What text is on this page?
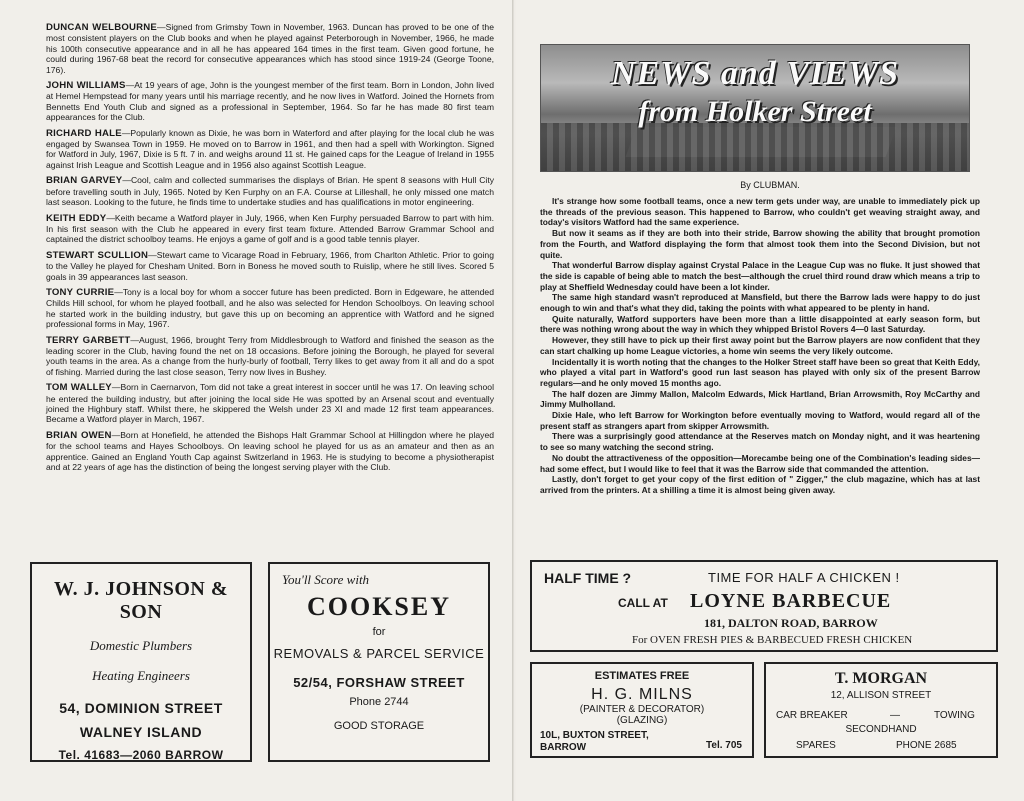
DUNCAN WELBOURNE—Signed from Grimsby Town in November, 1963. Duncan has proved to be one of the most consistent players on the Club books and when he played against Peterborough in November, 1966, he made his 100th consecutive appearance and in all he has appeared 164 times in the first team. Given good fortune, he could during 1967-68 beat the record for consecutive appearances which has stood since 1919-24 (George Toone, 176).

JOHN WILLIAMS—At 19 years of age, John is the youngest member of the first team. Born in London, John lived at Hemel Hempstead for many years until his marriage recently, and he now lives in Watford. Joined the Hornets from Bennetts End Youth Club and signed as a professional in September, 1964. So far he has made 80 first team appearances for the Club.

RICHARD HALE—Popularly known as Dixie, he was born in Waterford and after playing for the local club he was engaged by Swansea Town in 1959. He moved on to Barrow in 1961, and then had a spell with Workington. Signed for Watford in July, 1967, Dixie is 5 ft. 7 in. and weighs around 11 st. He gained caps for the League of Ireland in 1955 against Irish League and Scottish League and in 1956 also against Scottish League.

BRIAN GARVEY—Cool, calm and collected summarises the displays of Brian. He spent 8 seasons with Hull City before travelling south in July, 1965. Noted by Ken Furphy on an F.A. Course at Lilleshall, he only missed one match last season. Looking to the future, he finds time to undertake studies and has qualifications in motor engineering.

KEITH EDDY—Keith became a Watford player in July, 1966, when Ken Furphy persuaded Barrow to part with him. In his first season with the Club he appeared in every first team fixture. Attended Barrow Grammar School and captained the district schoolboy teams. He enjoys a game of golf and is a good table tennis player.

STEWART SCULLION—Stewart came to Vicarage Road in February, 1966, from Charlton Athletic. Prior to going to the Valley he played for Chesham United. Born in Boness he moved south to Ruislip, where he still lives. Scored 5 goals in 39 appearances last season.

TONY CURRIE—Tony is a local boy for whom a soccer future has been predicted. Born in Edgeware, he attended Childs Hill school, for whom he played football, and he also was selected for Hendon Schoolboys. On leaving school he started work in the building industry, but gave this up on becoming an apprentice with Watford and he signed professional forms in May, 1967.

TERRY GARBETT—August, 1966, brought Terry from Middlesbrough to Watford and finished the season as the leading scorer in the Club, having found the net on 18 occasions. Before joining the Borough, he played for several youth teams in the area. As a change from the hurly-burly of football, Terry likes to get away from it all and do a spot of fishing. Married during the last close season, Terry now lives in Bushey.

TOM WALLEY—Born in Caernarvon, Tom did not take a great interest in soccer until he was 17. On leaving school he entered the building industry, but after joining the local side He was spotted by an Arsenal scout and eventually joined the Highbury staff. Whilst there, he skippered the Welsh under 23 XI and made 12 first team appearances. Became a Watford player in March, 1967.

BRIAN OWEN—Born at Honefield, he attended the Bishops Halt Grammar School at Hillingdon where he played for the school teams and Hayes Schoolboys. On leaving school he played for us as an amateur and then as an apprentice. Gained an England Youth Cap against Switzerland in 1963. He is studying to become a physiotherapist and at 22 years of age has the distinction of being the longest serving player with the Club.

W. J. JOHNSON & SON
Domestic Plumbers
Heating Engineers
54, DOMINION STREET
WALNEY ISLAND
Tel. 41683—2060 BARROW
You'll Score with
COOKSEY
for
REMOVALS & PARCEL SERVICE
52/54, FORSHAW STREET
Phone 2744
GOOD STORAGE
NEWS and VIEWS
from Holker Street
By CLUBMAN.

It's strange how some football teams, once a new term gets under way, are unable to immediately pick up the threads of the previous season. This happened to Barrow, who couldn't get weaving straight away, and today's visitors Watford had the same experience.

But now it seams as if they are both into their stride, Barrow showing the ability that brought promotion from the Fourth, and Watford displaying the form that almost took them into the Second Division, but not quite.

That wonderful Barrow display against Crystal Palace in the League Cup was no fluke. It just showed that the side is capable of being able to match the best—although the cruel third round draw which means a trip to play at Sheffield Wednesday could have been a lot kinder.

The same high standard wasn't reproduced at Mansfield, but there the Barrow lads were happy to do just enough to win and that's what they did, taking the points with what appeared to be plenty in hand.

Quite naturally, Watford supporters have been more than a little disappointed at early season form, but there was nothing wrong about the way in which they whipped Bristol Rovers 4—0 last Saturday.

However, they still have to pick up their first away point but the Barrow players are now confident that they can start chalking up home League victories, a home win seems the very likely outcome.

Incidentally it is worth noting that the changes to the Holker Street staff have been so great that Keith Eddy, who played a vital part in Watford's good run last season has played with only six of the present Barrow regulars—and he only moved 15 months ago.

The half dozen are Jimmy Mallon, Malcolm Edwards, Mick Hartland, Brian Arrowsmith, Roy McCarthy and Jimmy Mulholland.

Dixie Hale, who left Barrow for Workington before eventually moving to Watford, would regard all of the present staff as strangers apart from skipper Arrowsmith.

There was a surprisingly good attendance at the Reserves match on Monday night, and it was heartening to see so many watching the second string.

No doubt the attractiveness of the opposition—Morecambe being one of the Combination's leading sides—had some effect, but I would like to feel that it was the Barrow side that commanded the attention.

Lastly, don't forget to get your copy of the first edition of " Zigger," the club magazine, which has at last arrived from the printers. At a shilling a time it is almost being given away.

HALF TIME ?	TIME FOR HALF A CHICKEN !
CALL AT LOYNE BARBECUE
181, DALTON ROAD, BARROW
For OVEN FRESH PIES & BARBECUED FRESH CHICKEN
ESTIMATES FREE
H. G. MILNS
(PAINTER & DECORATOR)
(GLAZING)
10L, BUXTON STREET,
BARROW	Tel. 705
T. MORGAN
12, ALLISON STREET
CAR BREAKER	—	TOWING
SECONDHAND
SPARES	PHONE 2685
